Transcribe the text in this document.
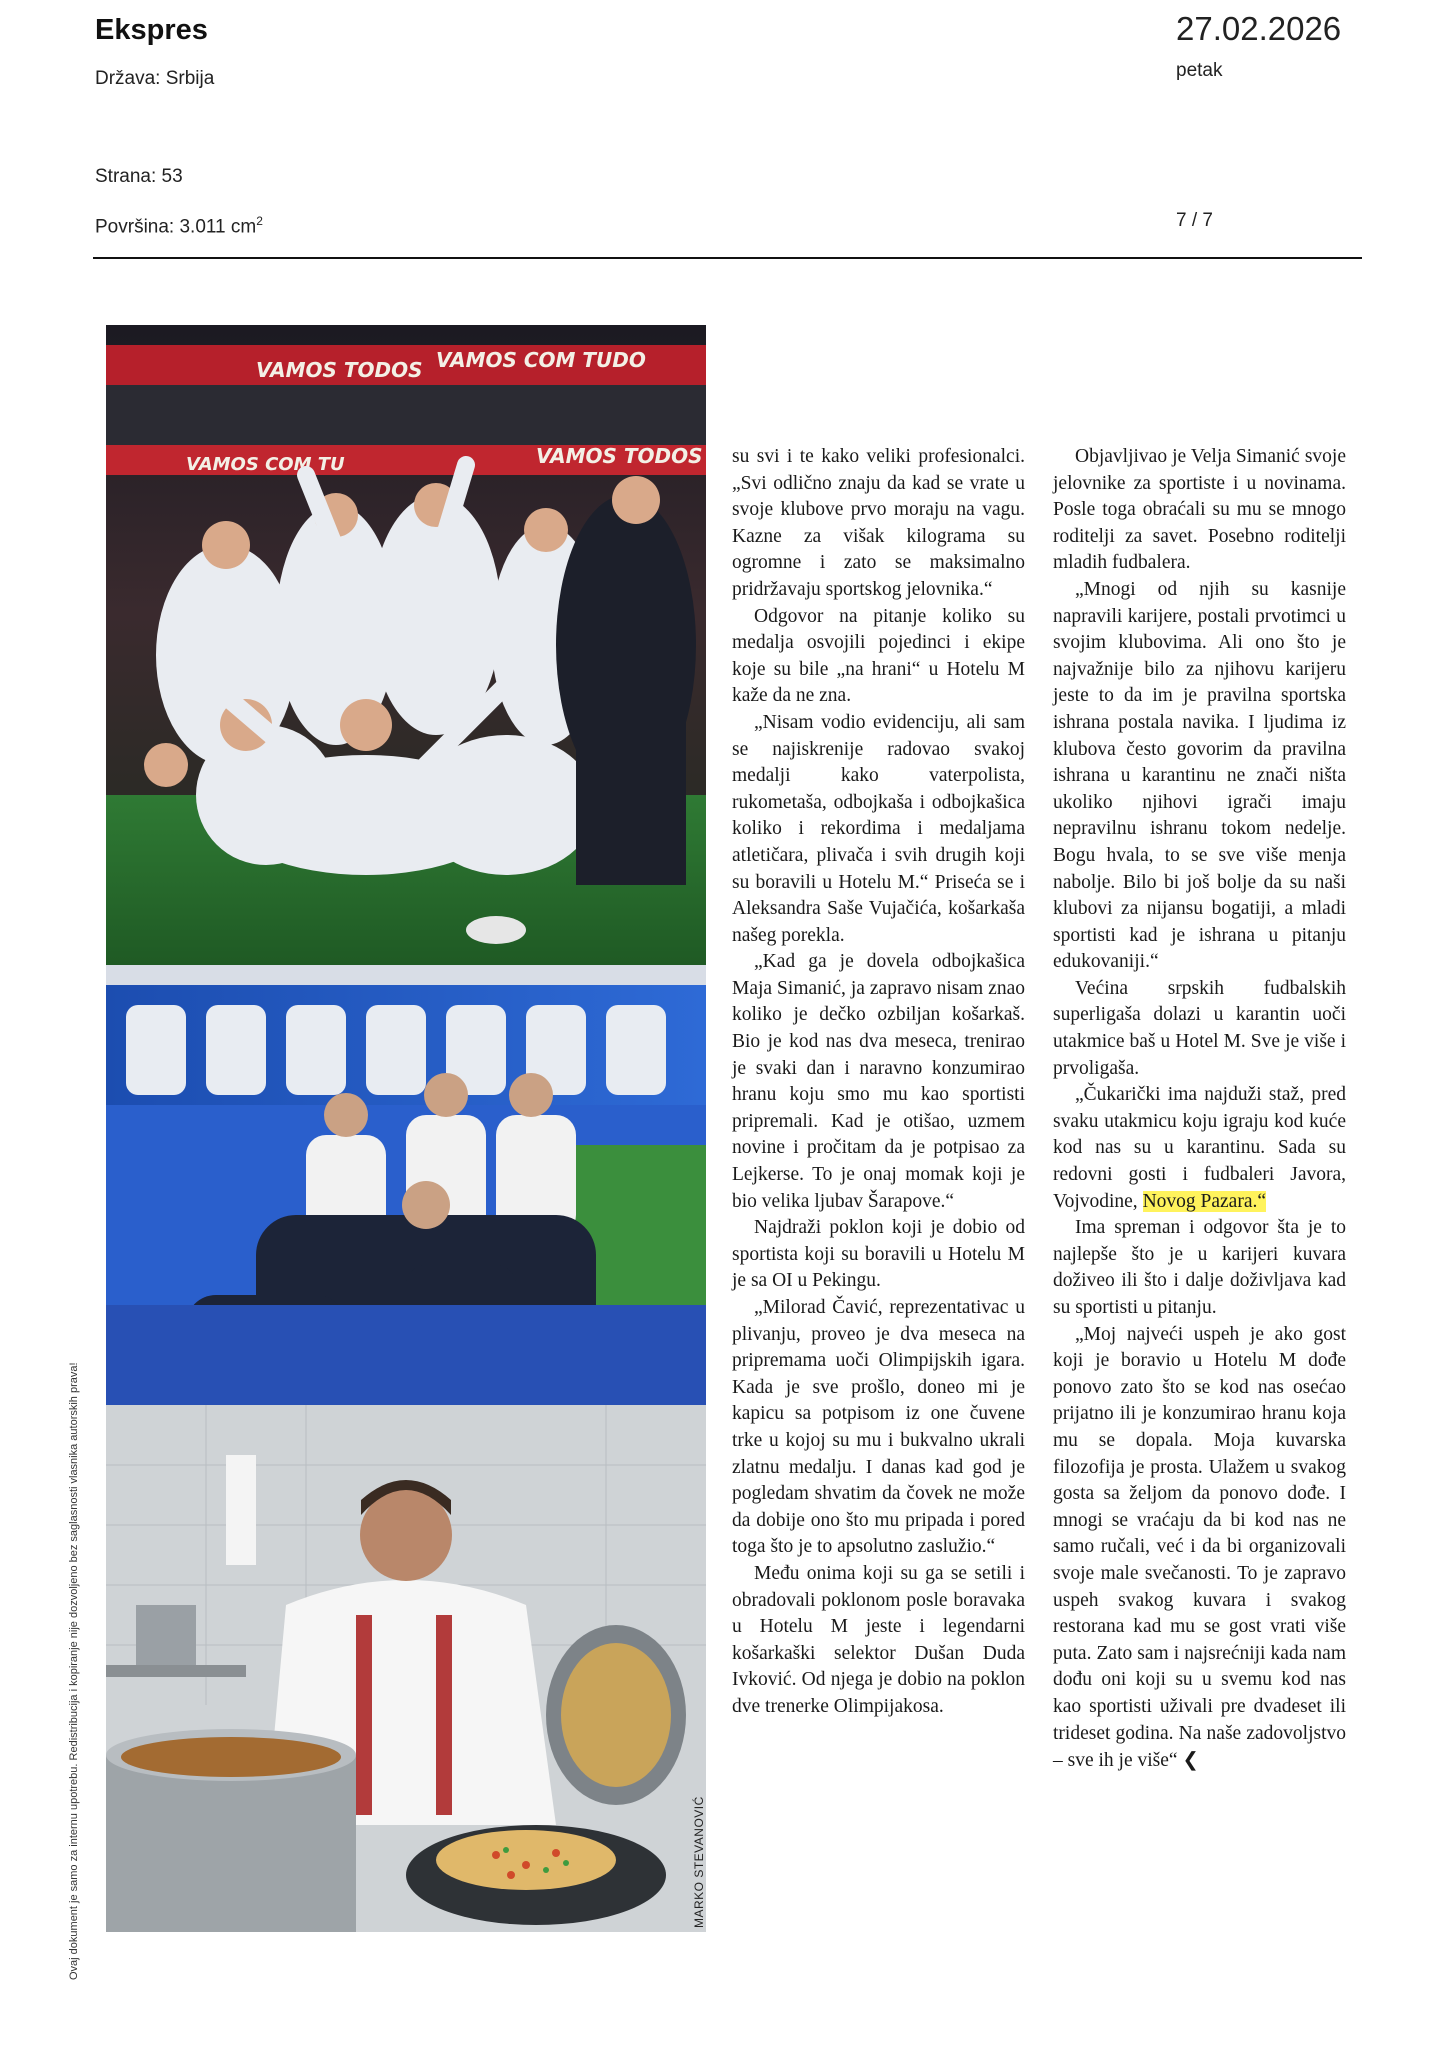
Ekspres
Država: Srbija
Strana: 53
Površina: 3.011 $cm^2$
27.02.2026
petak
7 / 7
Ovaj dokument je samo za internu upotrebu. Redistribucija i kopiranje nije dozvoljeno bez saglasnosti vlasnika autorskih prava!
VAMOS TODOS VAMOS COM TUDO
VAMOS COM TU	VAMOS TODOS
MARKO STEVANOVIĆ

su svi i te kako veliki profesionalci. „Svi odlično znaju da kad se vrate u svoje klubove prvo moraju na vagu. Kazne za višak kilograma su ogromne i zato se maksimalno pridržavaju sportskog jelovnika.“

Odgovor na pitanje koliko su medalja osvojili pojedinci i ekipe koje su bile „na hrani“ u Hotelu M kaže da ne zna.

„Nisam vodio evidenciju, ali sam se najiskrenije radovao svakoj medalji kako vaterpolista, rukometaša, odbojkaša i odbojkašica koliko i rekordima i medaljama atletičara, plivača i svih drugih koji su boravili u Hotelu M.“ Priseća se i Aleksandra Saše Vujačića, košarkaša našeg porekla.

„Kad ga je dovela odbojkašica Maja Simanić, ja zapravo nisam znao koliko je dečko ozbiljan košarkaš. Bio je kod nas dva meseca, trenirao je svaki dan i naravno konzumirao hranu koju smo mu kao sportisti pripremali. Kad je otišao, uzmem novine i pročitam da je potpisao za Lejkerse. To je onaj momak koji je bio velika ljubav Šarapove.“

Najdraži poklon koji je dobio od sportista koji su boravili u Hotelu M je sa OI u Pekingu.

„Milorad Čavić, reprezentativac u plivanju, proveo je dva meseca na pripremama uoči Olimpijskih igara. Kada je sve prošlo, doneo mi je kapicu sa potpisom iz one čuvene trke u kojoj su mu i bukvalno ukrali zlatnu medalju. I danas kad god je pogledam shvatim da čovek ne može da dobije ono što mu pripada i pored toga što je to apsolutno zaslužio.“

Među onima koji su ga se setili i obradovali poklonom posle boravaka u Hotelu M jeste i legendarni košarkaški selektor Dušan Duda Ivković. Od njega je dobio na poklon dve trenerke Olimpijakosa.

Objavljivao je Velja Simanić svoje jelovnike za sportiste i u novinama. Posle toga obraćali su mu se mnogo roditelji za savet. Posebno roditelji mladih fudbalera.

„Mnogi od njih su kasnije napravili karijere, postali prvotimci u svojim klubovima. Ali ono što je najvažnije bilo za njihovu karijeru jeste to da im je pravilna sportska ishrana postala navika. I ljudima iz klubova često govorim da pravilna ishrana u karantinu ne znači ništa ukoliko njihovi igrači imaju nepravilnu ishranu tokom nedelje. Bogu hvala, to se sve više menja nabolje. Bilo bi još bolje da su naši klubovi za nijansu bogatiji, a mladi sportisti kad je ishrana u pitanju edukovaniji.“

Većina srpskih fudbalskih superligaša dolazi u karantin uoči utakmice baš u Hotel M. Sve je više i prvoligaša.

„Čukarički ima najduži staž, pred svaku utakmicu koju igraju kod kuće kod nas su u karantinu. Sada su redovni gosti i fudbaleri Javora, Vojvodine, Novog Pazara.“

Ima spreman i odgovor šta je to najlepše što je u karijeri kuvara doživeo ili što i dalje doživljava kad su sportisti u pitanju.

„Moj najveći uspeh je ako gost koji je boravio u Hotelu M dođe ponovo zato što se kod nas osećao prijatno ili je konzumirao hranu koja mu se dopala. Moja kuvarska filozofija je prosta. Ulažem u svakog gosta sa željom da ponovo dođe. I mnogi se vraćaju da bi kod nas ne samo ručali, već i da bi organizovali svoje male svečanosti. To je zapravo uspeh svakog kuvara i svakog restorana kad mu se gost vrati više puta. Zato sam i najsrećniji kada nam dođu oni koji su u svemu kod nas kao sportisti uživali pre dvadeset ili trideset godina. Na naše zadovoljstvo – sve ih je više“ ❮
